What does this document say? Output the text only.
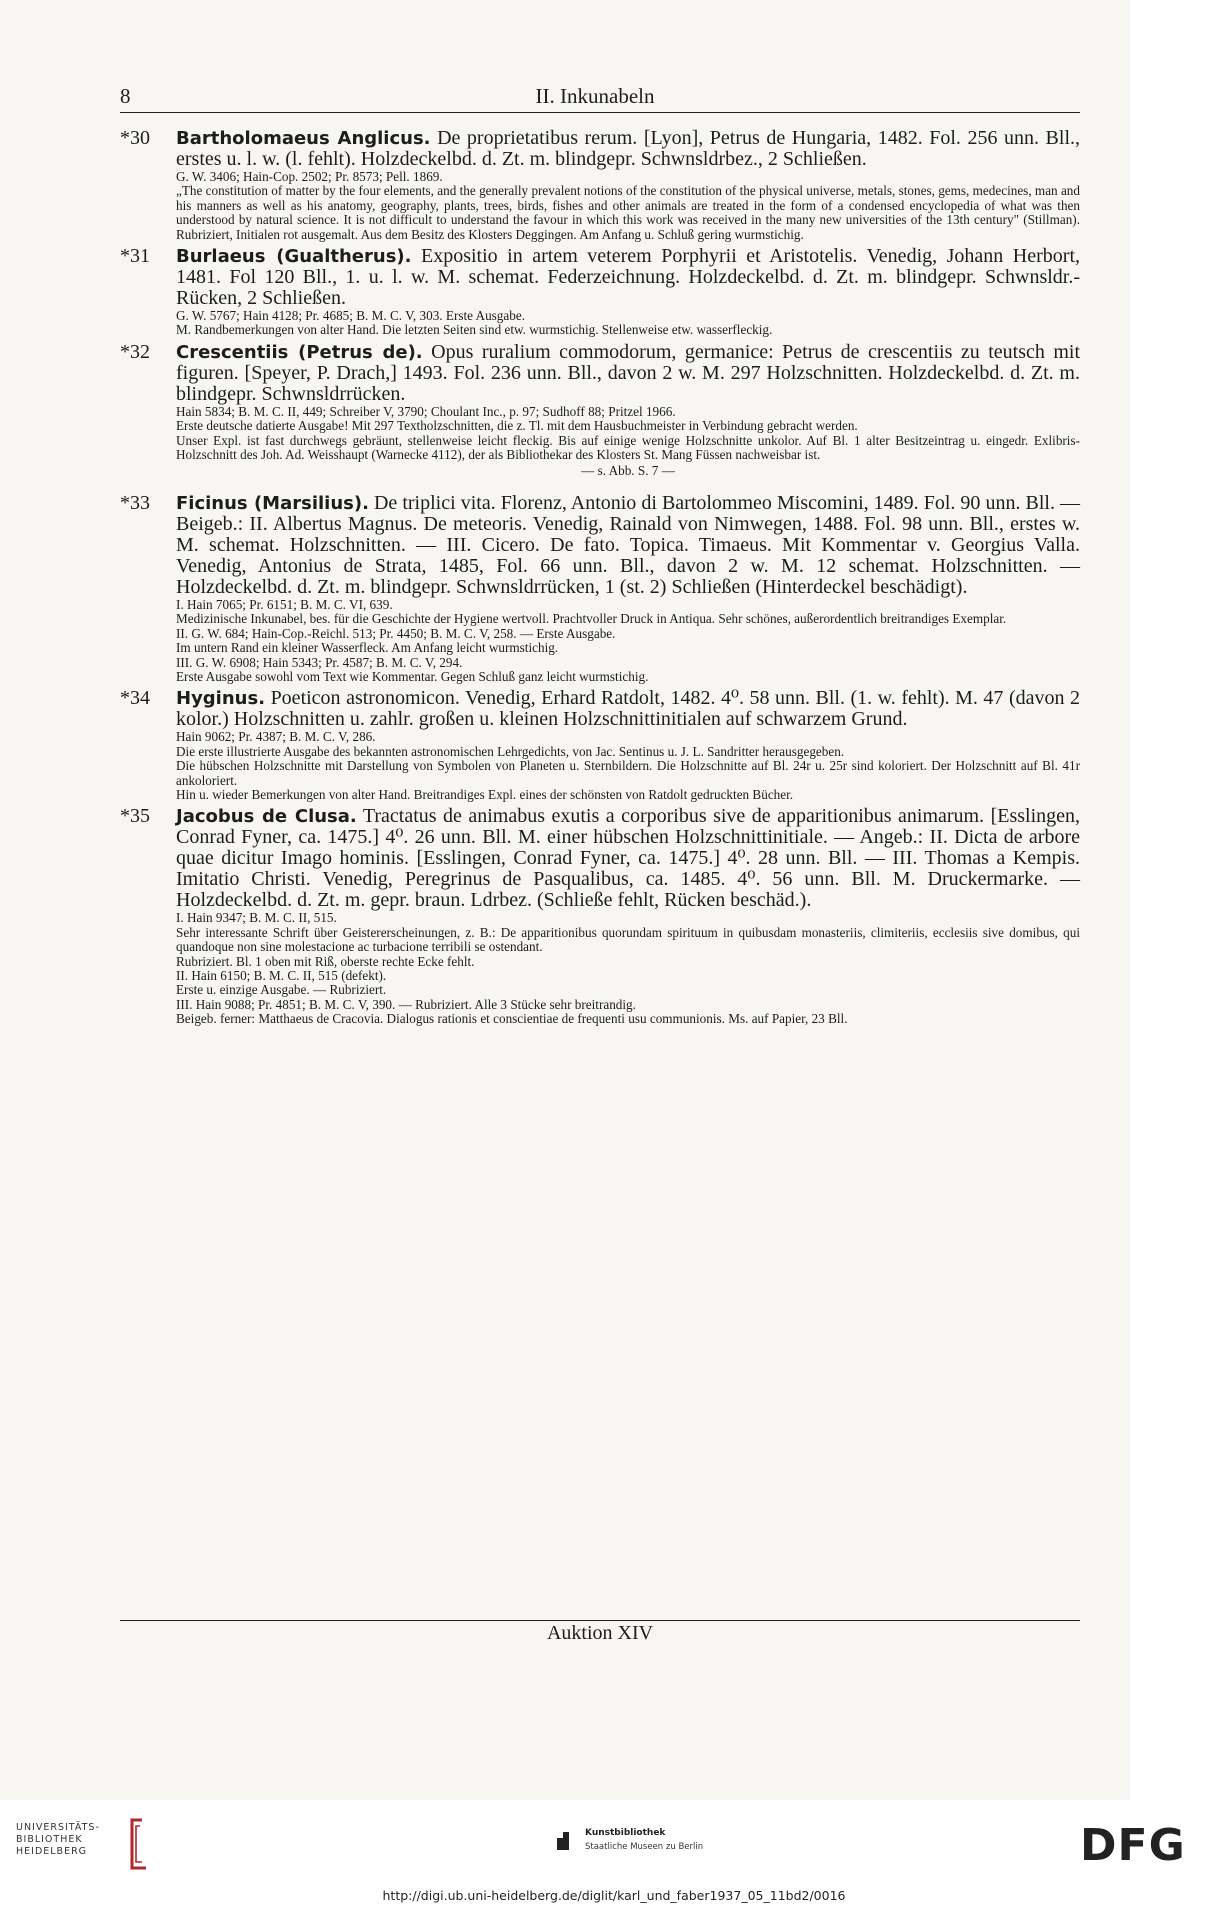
8	II. Inkunabeln
*30 Bartholomaeus Anglicus. De proprietatibus rerum. [Lyon], Petrus de Hungaria, 1482. Fol. 256 unn. Bll., erstes u. l. w. (l. fehlt). Holzdeckelbd. d. Zt. m. blindgepr. Schwnsldrbez., 2 Schließen.
G. W. 3406; Hain-Cop. 2502; Pr. 8573; Pell. 1869.
„The constitution of matter by the four elements, and the generally prevalent notions of the constitution of the physical universe, metals, stones, gems, medecines, man and his manners as well as his anatomy, geography, plants, trees, birds, fishes and other animals are treated in the form of a condensed encyclopedia of what was then understood by natural science. It is not difficult to understand the favour in which this work was received in the many new universities of the 13th century" (Stillman). Rubriziert, Initialen rot ausgemalt. Aus dem Besitz des Klosters Deggingen. Am Anfang u. Schluß gering wurmstichig.
*31 Burlaeus (Gualtherus). Expositio in artem veterem Porphyrii et Aristotelis. Venedig, Johann Herbort, 1481. Fol 120 Bll., 1. u. l. w. M. schemat. Federzeichnung. Holzdeckelbd. d. Zt. m. blindgepr. Schwnsldr.-Rücken, 2 Schließen.
G. W. 5767; Hain 4128; Pr. 4685; B. M. C. V, 303. Erste Ausgabe.
M. Randbemerkungen von alter Hand. Die letzten Seiten sind etw. wurmstichig. Stellenweise etw. wasserfleckig.
*32 Crescentiis (Petrus de). Opus ruralium commodorum, germanice: Petrus de crescentiis zu teutsch mit figuren. [Speyer, P. Drach,] 1493. Fol. 236 unn. Bll., davon 2 w. M. 297 Holzschnitten. Holzdeckelbd. d. Zt. m. blindgepr. Schwnsldrrücken.
Hain 5834; B. M. C. II, 449; Schreiber V, 3790; Choulant Inc., p. 97; Sudhoff 88; Pritzel 1966.
Erste deutsche datierte Ausgabe! Mit 297 Textholzschnitten, die z. Tl. mit dem Hausbuchmeister in Verbindung gebracht werden.
Unser Expl. ist fast durchwegs gebräunt, stellenweise leicht fleckig. Bis auf einige wenige Holzschnitte unkolor. Auf Bl. 1 alter Besitzeintrag u. eingedr. Exlibris-Holzschnitt des Joh. Ad. Weisshaupt (Warnecke 4112), der als Bibliothekar des Klosters St. Mang Füssen nachweisbar ist.
— s. Abb. S. 7 —
*33 Ficinus (Marsilius). De triplici vita. Florenz, Antonio di Bartolommeo Miscomini, 1489. Fol. 90 unn. Bll. — Beigeb.: II. Albertus Magnus. De meteoris. Venedig, Rainald von Nimwegen, 1488. Fol. 98 unn. Bll., erstes w. M. schemat. Holzschnitten. — III. Cicero. De fato. Topica. Timaeus. Mit Kommentar v. Georgius Valla. Venedig, Antonius de Strata, 1485, Fol. 66 unn. Bll., davon 2 w. M. 12 schemat. Holzschnitten. — Holzdeckelbd. d. Zt. m. blindgepr. Schwnsldrrücken, 1 (st. 2) Schließen (Hinterdeckel beschädigt).
I. Hain 7065; Pr. 6151; B. M. C. VI, 639.
Medizinische Inkunabel, bes. für die Geschichte der Hygiene wertvoll. Prachtvoller Druck in Antiqua. Sehr schönes, außerordentlich breitrandiges Exemplar.
II. G. W. 684; Hain-Cop.-Reichl. 513; Pr. 4450; B. M. C. V, 258. — Erste Ausgabe.
Im untern Rand ein kleiner Wasserfleck. Am Anfang leicht wurmstichig.
III. G. W. 6908; Hain 5343; Pr. 4587; B. M. C. V, 294.
Erste Ausgabe sowohl vom Text wie Kommentar. Gegen Schluß ganz leicht wurmstichig.
*34 Hyginus. Poeticon astronomicon. Venedig, Erhard Ratdolt, 1482. 4⁰. 58 unn. Bll. (1. w. fehlt). M. 47 (davon 2 kolor.) Holzschnitten u. zahlr. großen u. kleinen Holzschnittinitialen auf schwarzem Grund.
Hain 9062; Pr. 4387; B. M. C. V, 286.
Die erste illustrierte Ausgabe des bekannten astronomischen Lehrgedichts, von Jac. Sentinus u. J. L. Sandritter herausgegeben.
Die hübschen Holzschnitte mit Darstellung von Symbolen von Planeten u. Sternbildern. Die Holzschnitte auf Bl. 24r u. 25r sind koloriert. Der Holzschnitt auf Bl. 41r ankoloriert.
Hin u. wieder Bemerkungen von alter Hand. Breitrandiges Expl. eines der schönsten von Ratdolt gedruckten Bücher.
*35 Jacobus de Clusa. Tractatus de animabus exutis a corporibus sive de apparitionibus animarum. [Esslingen, Conrad Fyner, ca. 1475.] 4⁰. 26 unn. Bll. M. einer hübschen Holzschnittinitiale. — Angeb.: II. Dicta de arbore quae dicitur Imago hominis. [Esslingen, Conrad Fyner, ca. 1475.] 4⁰. 28 unn. Bll. — III. Thomas a Kempis. Imitatio Christi. Venedig, Peregrinus de Pasqualibus, ca. 1485. 4⁰. 56 unn. Bll. M. Druckermarke. — Holzdeckelbd. d. Zt. m. gepr. braun. Ldrbez. (Schließe fehlt, Rücken beschäd.).
I. Hain 9347; B. M. C. II, 515.
Sehr interessante Schrift über Geistererscheinungen, z. B.: De apparitionibus quorundam spirituum in quibusdam monasteriis, climiteriis, ecclesiis sive domibus, qui quandoque non sine molestacione ac turbacione terribili se ostendant.
Rubriziert. Bl. 1 oben mit Riß, oberste rechte Ecke fehlt.
II. Hain 6150; B. M. C. II, 515 (defekt).
Erste u. einzige Ausgabe. — Rubriziert.
III. Hain 9088; Pr. 4851; B. M. C. V, 390. — Rubriziert. Alle 3 Stücke sehr breitrandig.
Beigeb. ferner: Matthaeus de Cracovia. Dialogus rationis et conscientiae de frequenti usu communionis. Ms. auf Papier, 23 Bll.
Auktion XIV
UNIVERSITÄTS-
BIBLIOTHEK
HEIDELBERG
Kunstbibliothek
Staatliche Museen zu Berlin	DFG
http://digi.ub.uni-heidelberg.de/diglit/karl_und_faber1937_05_11bd2/0016
